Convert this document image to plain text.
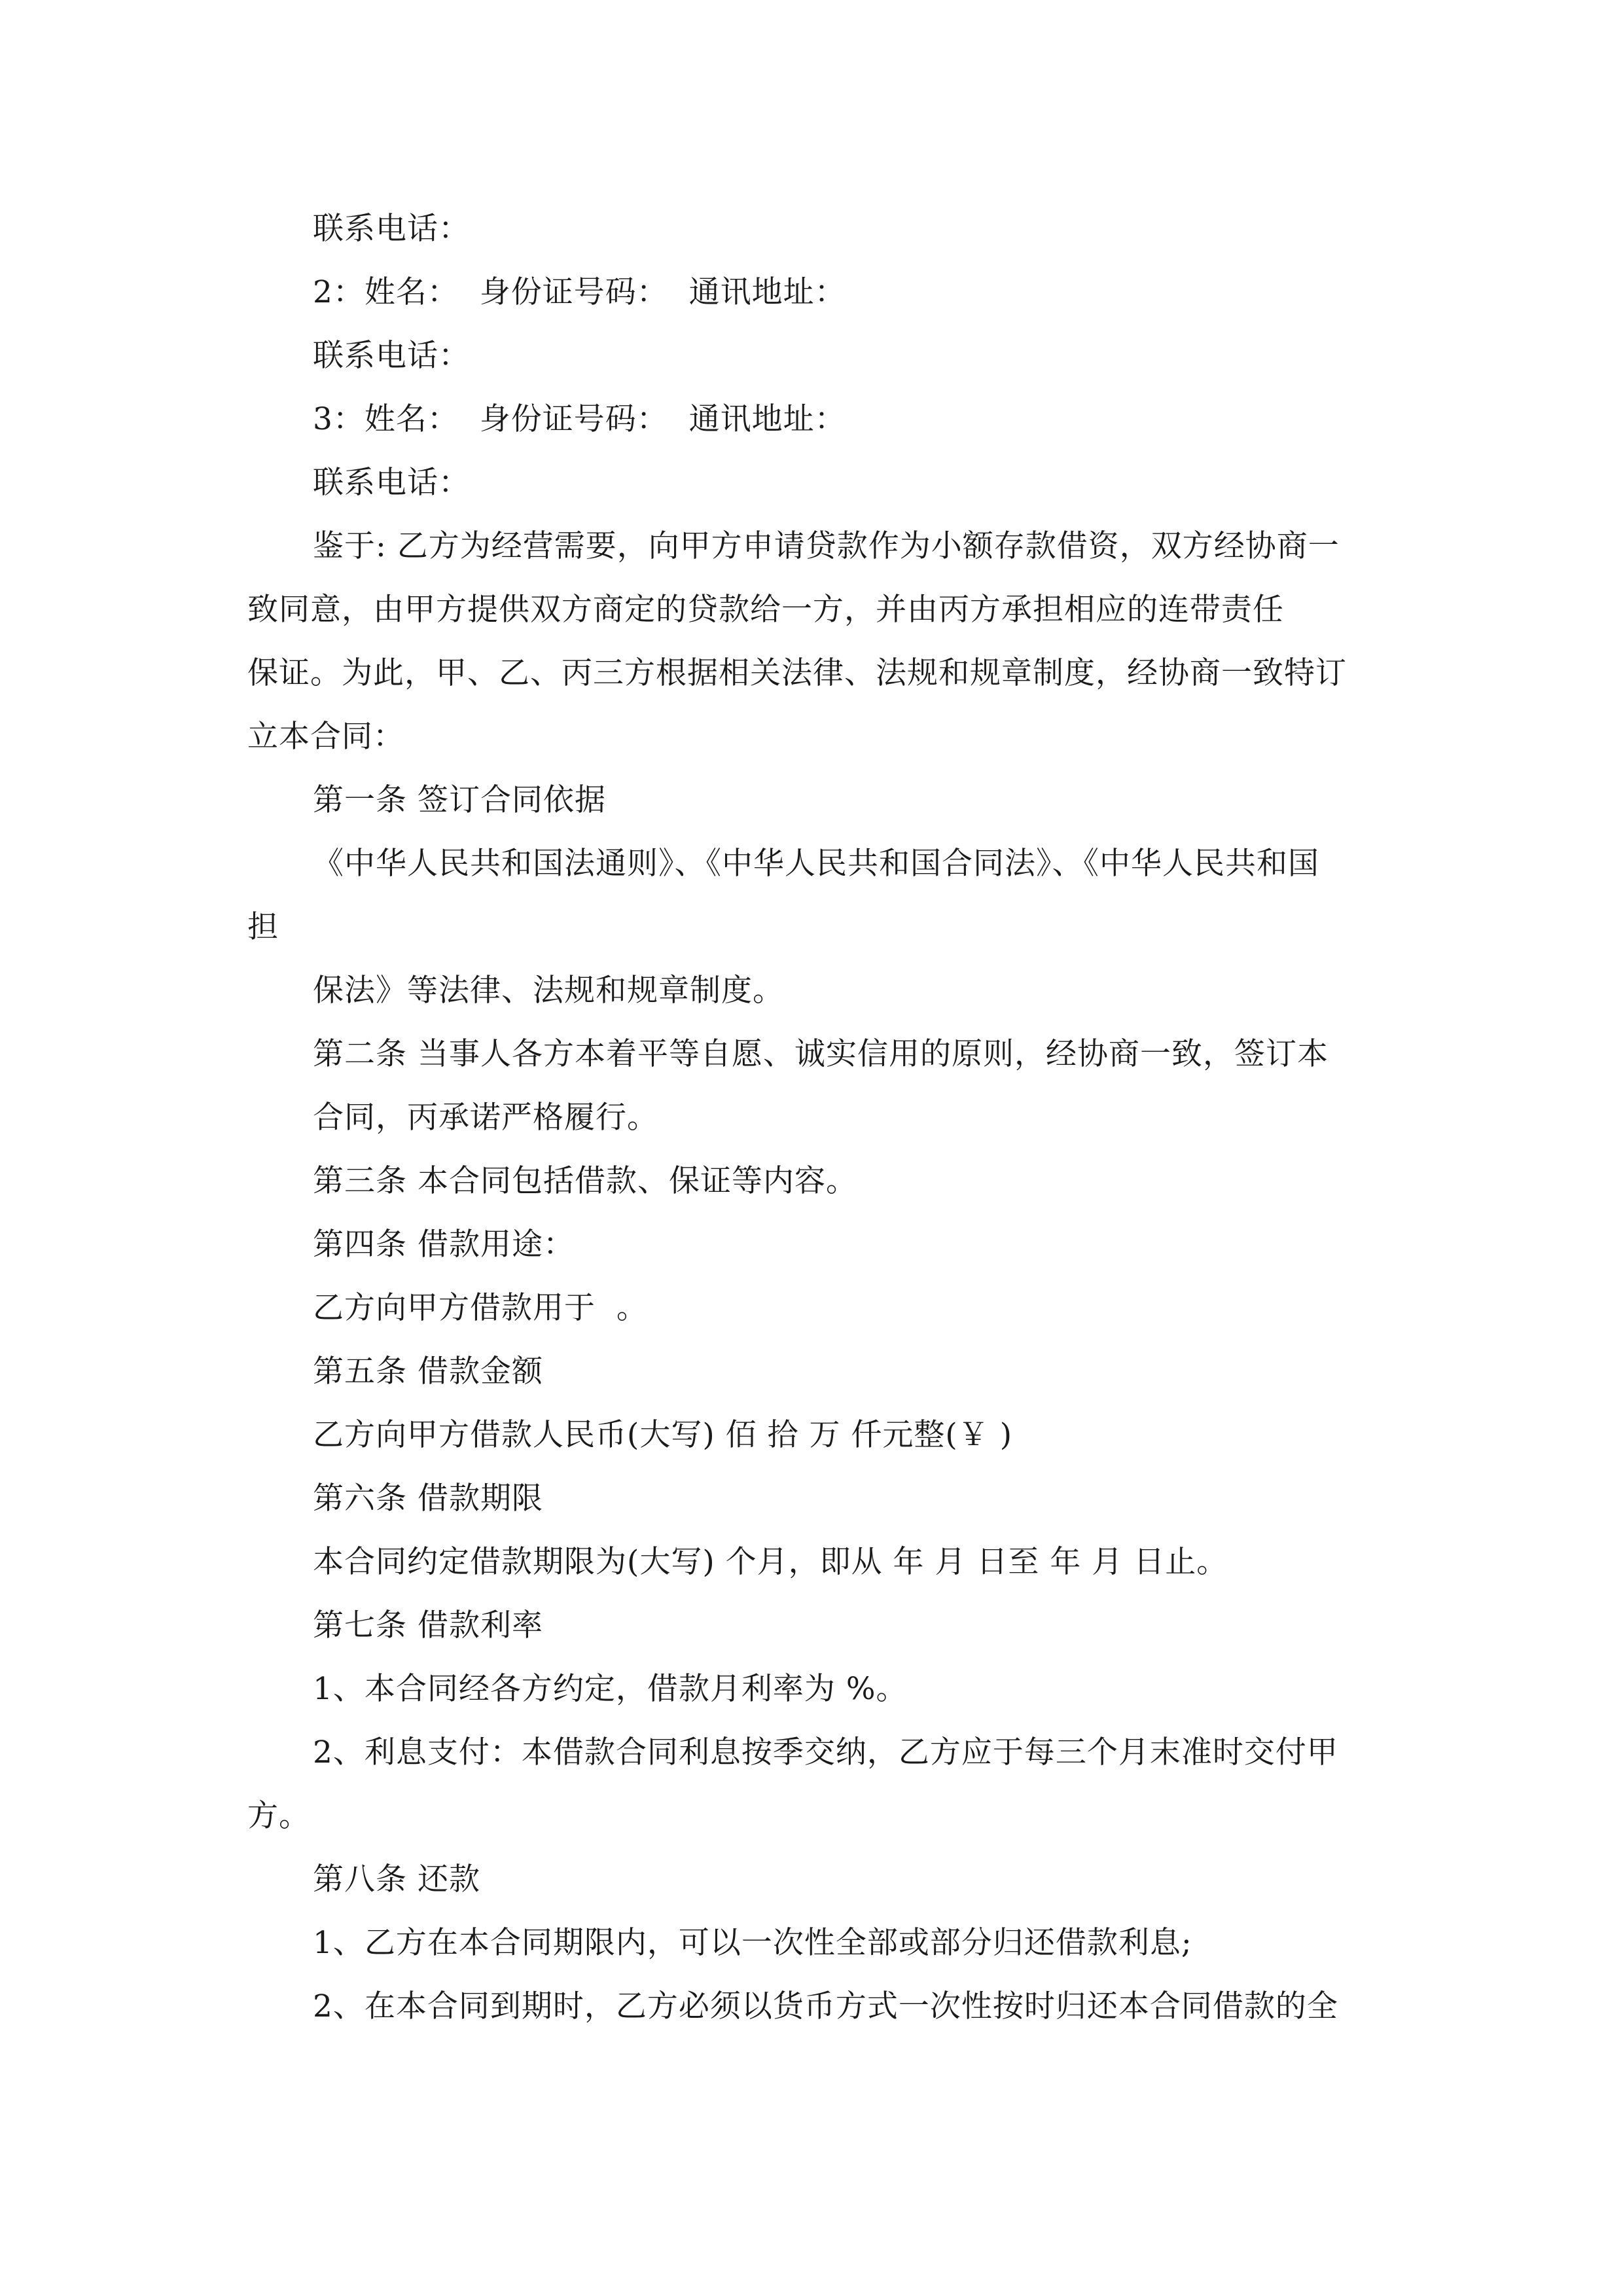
联系电话：
2：姓名：  身份证号码：  通讯地址：
联系电话：
3：姓名：  身份证号码：  通讯地址：
联系电话：
鉴于: 乙方为经营需要，向甲方申请贷款作为小额存款借资，双方经协商一
致同意，由甲方提供双方商定的贷款给一方，并由丙方承担相应的连带责任
保证。为此，甲、乙、丙三方根据相关法律、法规和规章制度，经协商一致特订
立本合同：
第一条 签订合同依据
《中华人民共和国法通则》、《中华人民共和国合同法》、《中华人民共和国
担
保法》等法律、法规和规章制度。
第二条 当事人各方本着平等自愿、诚实信用的原则，经协商一致，签订本
合同，丙承诺严格履行。
第三条 本合同包括借款、保证等内容。
第四条 借款用途：
乙方向甲方借款用于  。
第五条 借款金额
乙方向甲方借款人民币(大写) 佰 拾 万 仟元整(￥ )
第六条 借款期限
本合同约定借款期限为(大写) 个月，即从 年 月 日至 年 月 日止。
第七条 借款利率
1、本合同经各方约定，借款月利率为 %。
2、利息支付：本借款合同利息按季交纳，乙方应于每三个月末准时交付甲
方。
第八条 还款
1、乙方在本合同期限内，可以一次性全部或部分归还借款利息;
2、在本合同到期时，乙方必须以货币方式一次性按时归还本合同借款的全
